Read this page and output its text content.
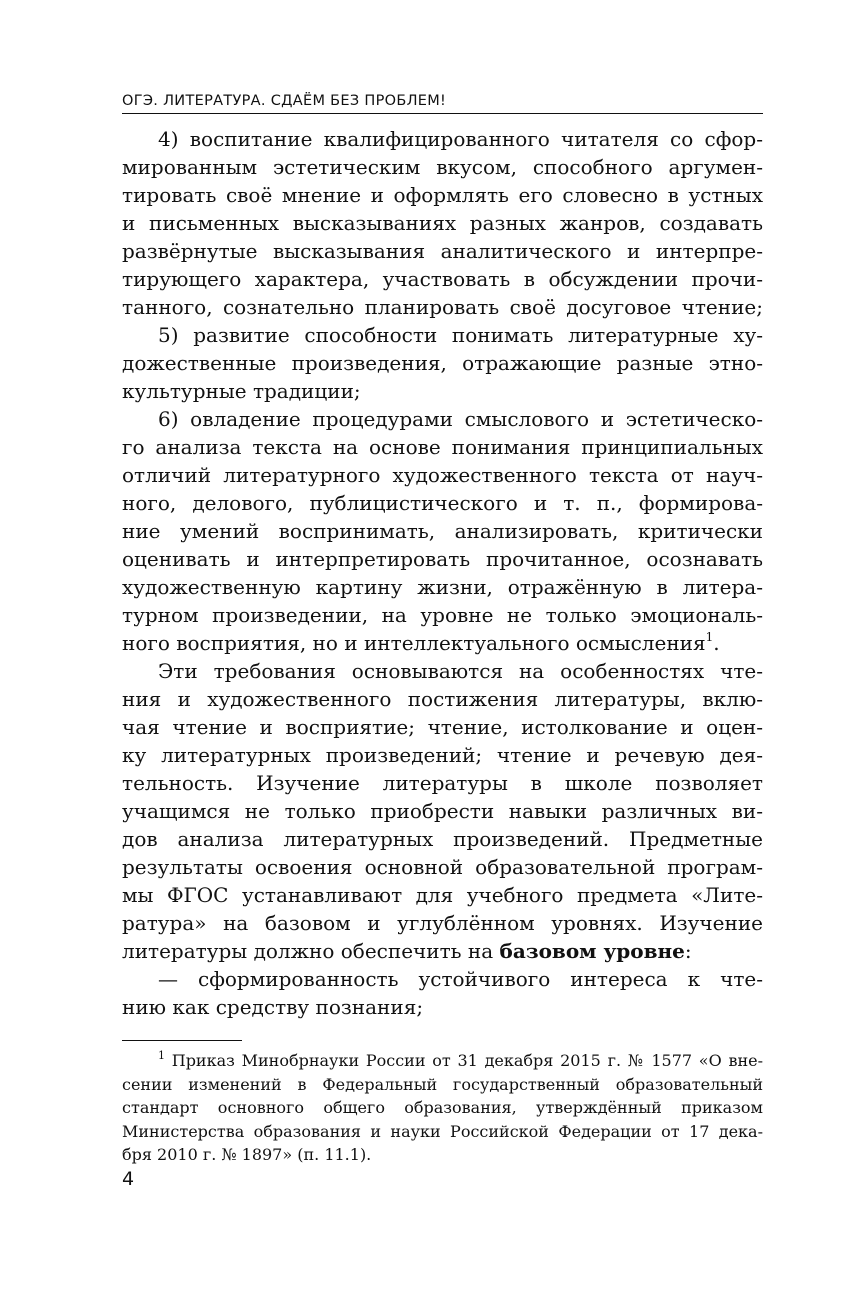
ОГЭ. ЛИТЕРАТУРА. СДАЁМ БЕЗ ПРОБЛЕМ!
4) воспитание квалифицированного читателя со сфор-
мированным эстетическим вкусом, способного аргумен-
тировать своё мнение и оформлять его словесно в устных
и письменных высказываниях разных жанров, создавать
развёрнутые высказывания аналитического и интерпре-
тирующего характера, участвовать в обсуждении прочи-
танного, сознательно планировать своё досуговое чтение;
5) развитие способности понимать литературные ху-
дожественные произведения, отражающие разные этно-
культурные традиции;
6) овладение процедурами смыслового и эстетическо-
го анализа текста на основе понимания принципиальных
отличий литературного художественного текста от науч-
ного, делового, публицистического и т. п., формирова-
ние умений воспринимать, анализировать, критически
оценивать и интерпретировать прочитанное, осознавать
художественную картину жизни, отражённую в литера-
турном произведении, на уровне не только эмоциональ-
ного восприятия, но и интеллектуального осмысления$^1$.
Эти требования основываются на особенностях чте-
ния и художественного постижения литературы, вклю-
чая чтение и восприятие; чтение, истолкование и оцен-
ку литературных произведений; чтение и речевую дея-
тельность. Изучение литературы в школе позволяет
учащимся не только приобрести навыки различных ви-
дов анализа литературных произведений. Предметные
результаты освоения основной образовательной програм-
мы ФГОС устанавливают для учебного предмета «Лите-
ратура» на базовом и углублённом уровнях. Изучение
литературы должно обеспечить на базовом уровне:
— сформированность устойчивого интереса к чте-
нию как средству познания;
$^1$ Приказ Минобрнауки России от 31 декабря 2015 г. № 1577 «О вне-
сении изменений в Федеральный государственный образовательный
стандарт основного общего образования, утверждённый приказом
Министерства образования и науки Российской Федерации от 17 дека-
бря 2010 г. № 1897» (п. 11.1).
4
